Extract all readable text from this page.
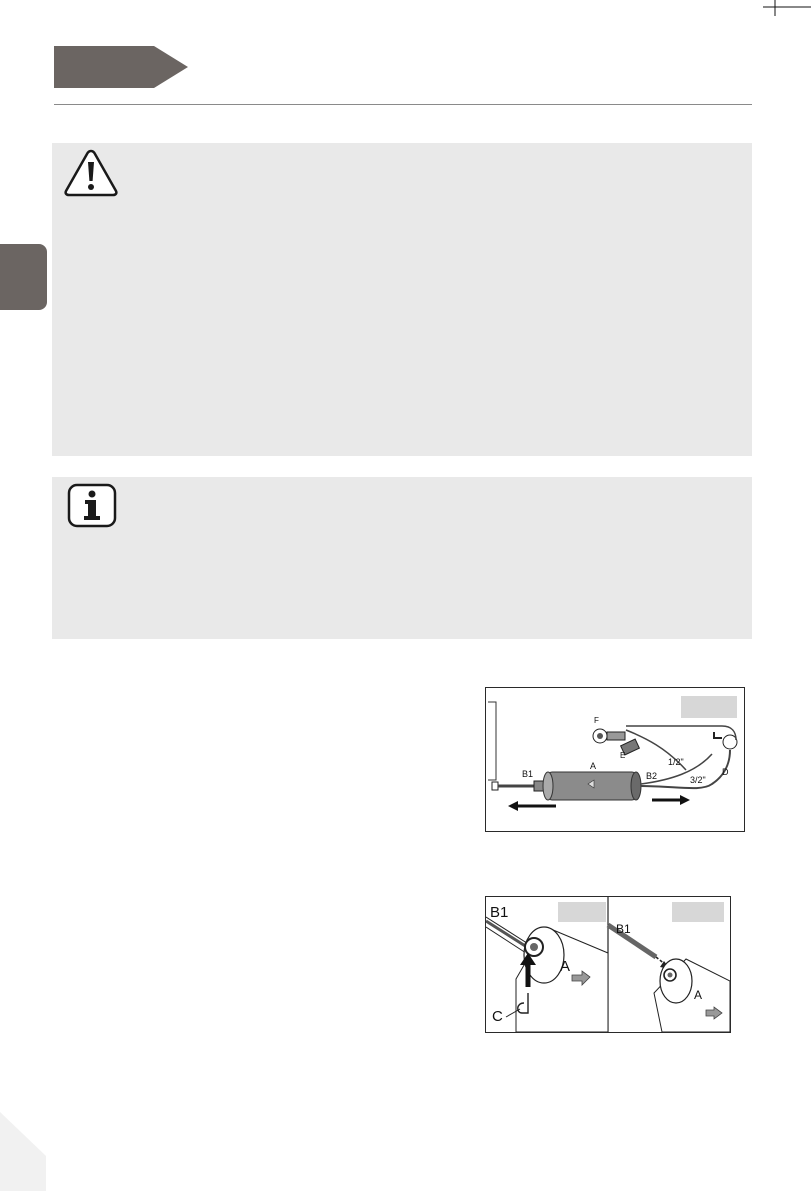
A
B1	B2	D
E
F
1/2"
3/2"
B1
A
C
B1
A
